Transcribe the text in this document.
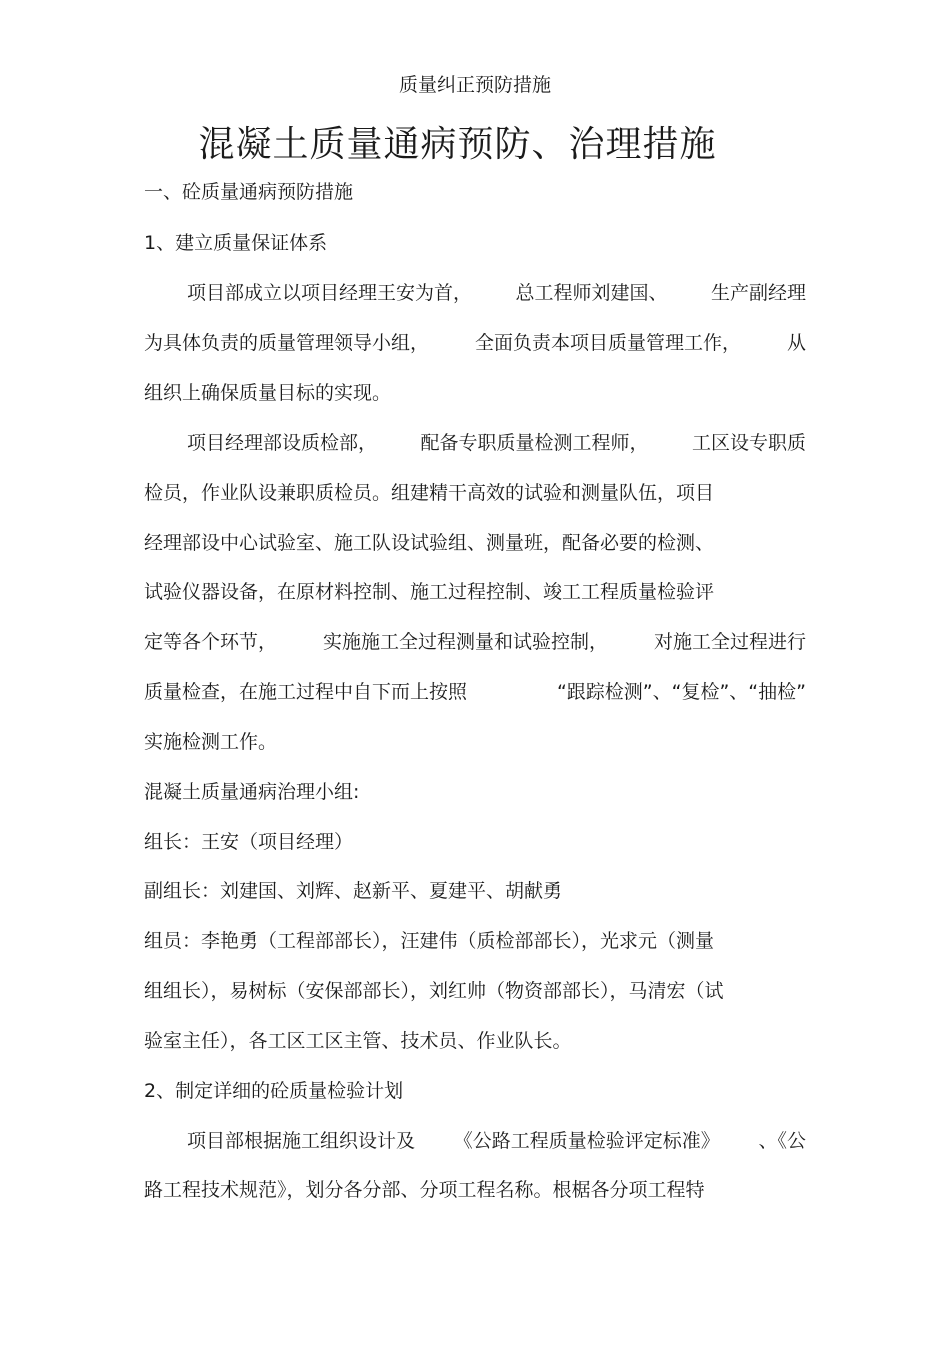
质量纠正预防措施
混凝土质量通病预防、治理措施
一、砼质量通病预防措施
1、建立质量保证体系
项目部成立以项目经理王安为首， 总工程师刘建国、 生产副经理
为具体负责的质量管理领导小组， 全面负责本项目质量管理工作， 从
组织上确保质量目标的实现。
项目经理部设质检部， 配备专职质量检测工程师， 工区设专职质
检员，作业队设兼职质检员。组建精干高效的试验和测量队伍，项目
经理部设中心试验室、施工队设试验组、测量班，配备必要的检测、
试验仪器设备，在原材料控制、施工过程控制、竣工工程质量检验评
定等各个环节， 实施施工全过程测量和试验控制， 对施工全过程进行
质量检查，在施工过程中自下而上按照	“跟踪检测”、“复检”、“抽检”
实施检测工作。
混凝土质量通病治理小组:
组长：王安（项目经理）
副组长：刘建国、刘辉、赵新平、夏建平、胡献勇
组员：李艳勇（工程部部长），汪建伟（质检部部长），光求元（测量
组组长），易树标（安保部部长），刘红帅（物资部部长），马清宏（试
验室主任），各工区工区主管、技术员、作业队长。
2、制定详细的砼质量检验计划
项目部根据施工组织设计及 《公路工程质量检验评定标准》 、《公
路工程技术规范》，划分各分部、分项工程名称。根椐各分项工程特
